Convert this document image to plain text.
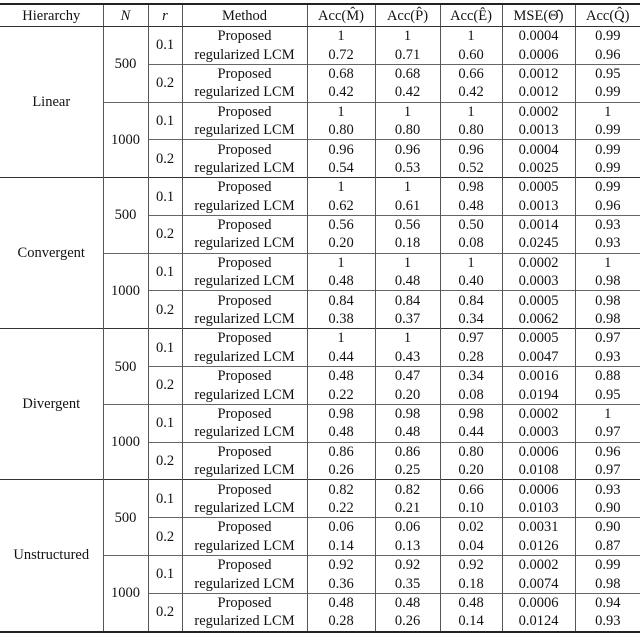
Hierarchy	N	r	Method	Acc(M̂)	Acc(P̂)	Acc(Ê)	MSE(Θ̂)	Acc(Q̂)
Linear	500	0.1	Proposed	1	1	1	0.0004	0.99
			regularized LCM	0.72	0.71	0.60	0.0006	0.96
		0.2	Proposed	0.68	0.68	0.66	0.0012	0.95
			regularized LCM	0.42	0.42	0.42	0.0012	0.99
	1000	0.1	Proposed	1	1	1	0.0002	1
			regularized LCM	0.80	0.80	0.80	0.0013	0.99
		0.2	Proposed	0.96	0.96	0.96	0.0004	0.99
			regularized LCM	0.54	0.53	0.52	0.0025	0.99
Convergent	500	0.1	Proposed	1	1	0.98	0.0005	0.99
			regularized LCM	0.62	0.61	0.48	0.0013	0.96
		0.2	Proposed	0.56	0.56	0.50	0.0014	0.93
			regularized LCM	0.20	0.18	0.08	0.0245	0.93
	1000	0.1	Proposed	1	1	1	0.0002	1
			regularized LCM	0.48	0.48	0.40	0.0003	0.98
		0.2	Proposed	0.84	0.84	0.84	0.0005	0.98
			regularized LCM	0.38	0.37	0.34	0.0062	0.98
Divergent	500	0.1	Proposed	1	1	0.97	0.0005	0.97
			regularized LCM	0.44	0.43	0.28	0.0047	0.93
		0.2	Proposed	0.48	0.47	0.34	0.0016	0.88
			regularized LCM	0.22	0.20	0.08	0.0194	0.95
	1000	0.1	Proposed	0.98	0.98	0.98	0.0002	1
			regularized LCM	0.48	0.48	0.44	0.0003	0.97
		0.2	Proposed	0.86	0.86	0.80	0.0006	0.96
			regularized LCM	0.26	0.25	0.20	0.0108	0.97
Unstructured	500	0.1	Proposed	0.82	0.82	0.66	0.0006	0.93
			regularized LCM	0.22	0.21	0.10	0.0103	0.90
		0.2	Proposed	0.06	0.06	0.02	0.0031	0.90
			regularized LCM	0.14	0.13	0.04	0.0126	0.87
	1000	0.1	Proposed	0.92	0.92	0.92	0.0002	0.99
			regularized LCM	0.36	0.35	0.18	0.0074	0.98
		0.2	Proposed	0.48	0.48	0.48	0.0006	0.94
			regularized LCM	0.28	0.26	0.14	0.0124	0.93
